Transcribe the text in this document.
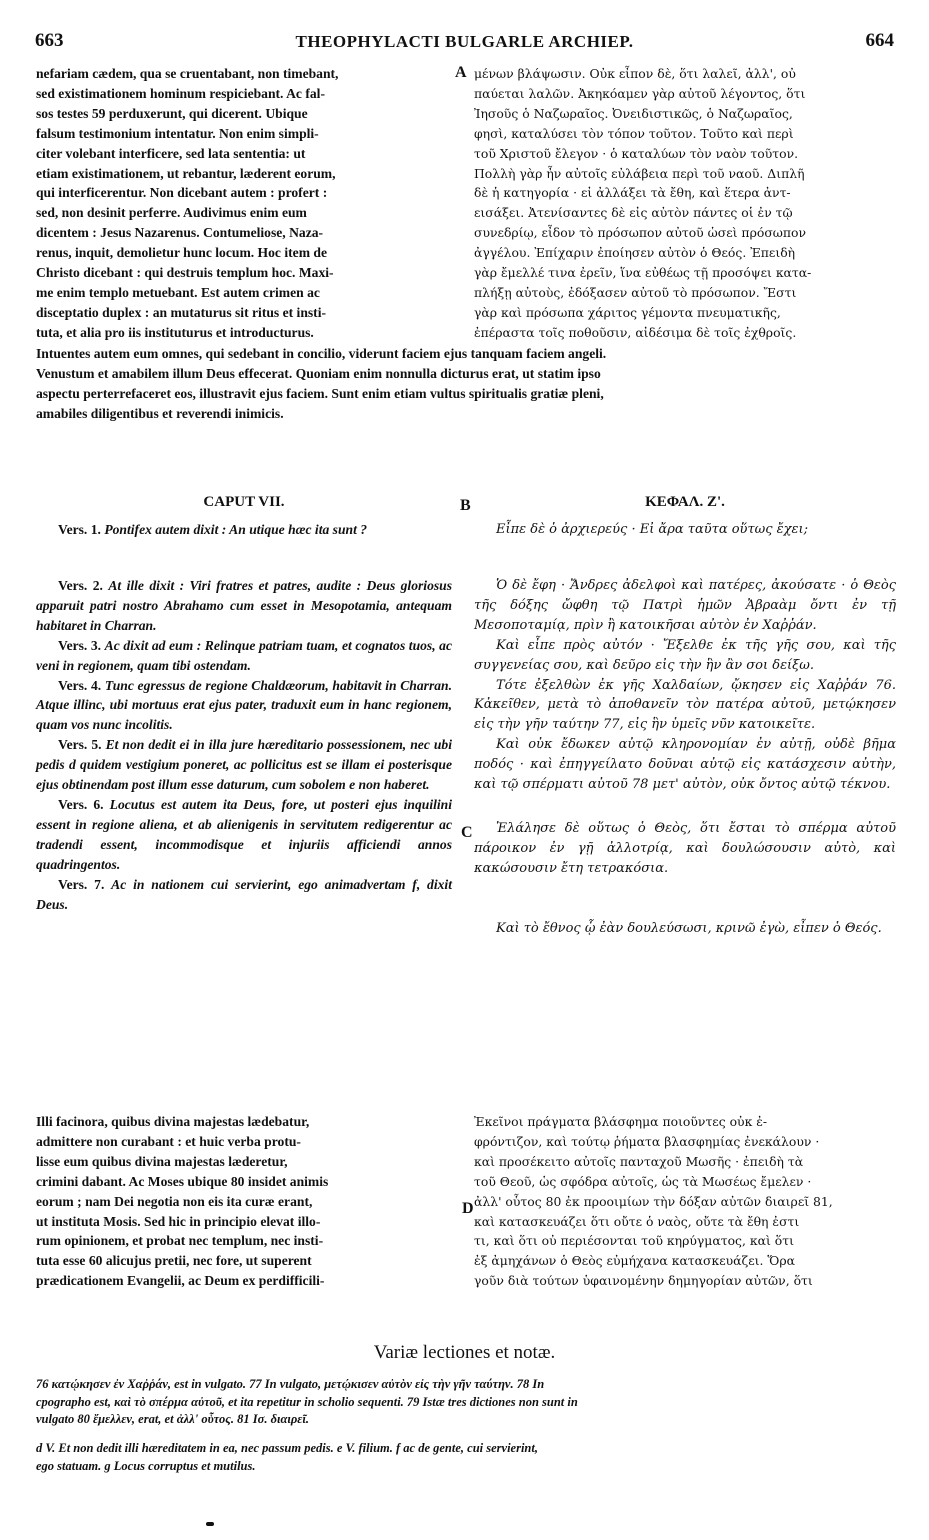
663	THEOPHYLACTI BULGARLE ARCHIEP.	664

nefariam cædem, qua se cruentabant, non timebant,

sed existimationem hominum respiciebant. Ac fal-

sos testes 59 perduxerunt, qui dicerent. Ubique

falsum testimonium intentatur. Non enim simpli-

citer volebant interficere, sed lata sententia: ut

etiam existimationem, ut rebantur, læderent eorum,

qui interficerentur. Non dicebant autem : profert :

sed, non desinit perferre. Audivimus enim eum

dicentem : Jesus Nazarenus. Contumeliose, Naza-

renus, inquit, demolietur hunc locum. Hoc item de

Christo dicebant : qui destruis templum hoc. Maxi-

me enim templo metuebant. Est autem crimen ac

disceptatio duplex : an mutaturus sit ritus et insti-

tuta, et alia pro iis instituturus et introducturus.

A μένων βλάψωσιν. Οὐκ εἶπον δὲ, ὅτι λαλεῖ, ἀλλ', οὐ

παύεται λαλῶν. Ἀκηκόαμεν γὰρ αὐτοῦ λέγοντος, ὅτι

Ἰησοῦς ὁ Ναζωραῖος. Ὀνειδιστικῶς, ὁ Ναζωραῖος,

φησὶ, καταλύσει τὸν τόπον τοῦτον. Τοῦτο καὶ περὶ

τοῦ Χριστοῦ ἔλεγον · ὁ καταλύων τὸν ναὸν τοῦτον.

Πολλὴ γὰρ ἦν αὐτοῖς εὐλάβεια περὶ τοῦ ναοῦ. Διπλῆ

δὲ ἡ κατηγορία · εἰ ἀλλάξει τὰ ἔθη, καὶ ἕτερα ἀντ-

εισάξει. Ἀτενίσαντες δὲ εἰς αὐτὸν πάντες οἱ ἐν τῷ

συνεδρίῳ, εἶδον τὸ πρόσωπον αὐτοῦ ὡσεὶ πρόσωπον

ἀγγέλου. Ἐπίχαριν ἐποίησεν αὐτὸν ὁ Θεός. Ἐπειδὴ

γὰρ ἔμελλέ τινα ἐρεῖν, ἵνα εὐθέως τῇ προσόψει κατα-

πλήξῃ αὐτοὺς, ἐδόξασεν αὐτοῦ τὸ πρόσωπον. Ἔστι

γὰρ καὶ πρόσωπα χάριτος γέμοντα πνευματικῆς,

ἐπέραστα τοῖς ποθοῦσιν, αἰδέσιμα δὲ τοῖς ἐχθροῖς.

Intuentes autem eum omnes, qui sedebant in concilio, viderunt faciem ejus tanquam faciem angeli.

Venustum et amabilem illum Deus effecerat. Quoniam enim nonnulla dicturus erat, ut statim ipso

aspectu perterrefaceret eos, illustravit ejus faciem. Sunt enim etiam vultus spiritualis gratiæ pleni,

amabiles diligentibus et reverendi inimicis.

CAPUT VII.	B	ΚΕΦΑΛ. Ζ'.

Vers. 1. Pontifex autem dixit : An utique hæc ita sunt ?

Vers. 2. At ille dixit : Viri fratres et patres, audite : Deus gloriosus apparuit patri nostro Abrahamo cum esset in Mesopotamia, antequam habitaret in Charran.

Vers. 3. Ac dixit ad eum : Relinque patriam tuam, et cognatos tuos, ac veni in regionem, quam tibi ostendam.

Vers. 4. Tunc egressus de regione Chaldæorum, habitavit in Charran. Atque illinc, ubi mortuus erat ejus pater, traduxit eum in hanc regionem, quam vos nunc incolitis.

Vers. 5. Et non dedit ei in illa jure hæreditario possessionem, nec ubi pedis d quidem vestigium poneret, ac pollicitus est se illam ei posterisque ejus obtinendam post illum esse daturum, cum sobolem e non haberet.

Vers. 6. Locutus est autem ita Deus, fore, ut posteri ejus inquilini essent in regione aliena, et ab alienigenis in servitutem redigerentur ac tradendi essent, incommodisque et injuriis afficiendi annos quadringentos.

Vers. 7. Ac in nationem cui servierint, ego animadvertam f, dixit Deus.

C

Εἶπε δὲ ὁ ἀρχιερεύς · Εἰ ἄρα ταῦτα οὕτως ἔχει;

Ὁ δὲ ἔφη · Ἄνδρες ἀδελφοὶ καὶ πατέρες, ἀκούσατε · ὁ Θεὸς τῆς δόξης ὤφθη τῷ Πατρὶ ἡμῶν Ἀβραὰμ ὄντι ἐν τῇ Μεσοποταμίᾳ, πρὶν ἢ κατοικῆσαι αὐτὸν ἐν Χαῤῥάν.

Καὶ εἶπε πρὸς αὐτόν · Ἔξελθε ἐκ τῆς γῆς σου, καὶ τῆς συγγενείας σου, καὶ δεῦρο εἰς τὴν ἣν ἂν σοι δείξω.

Τότε ἐξελθὼν ἐκ γῆς Χαλδαίων, ᾤκησεν εἰς Χαῤῥάν 76. Κἀκεῖθεν, μετὰ τὸ ἀποθανεῖν τὸν πατέρα αὐτοῦ, μετῴκησεν εἰς τὴν γῆν ταύτην 77, εἰς ἣν ὑμεῖς νῦν κατοικεῖτε.

Καὶ οὐκ ἔδωκεν αὐτῷ κληρονομίαν ἐν αὐτῇ, οὐδὲ βῆμα ποδός · καὶ ἐπηγγείλατο δοῦναι αὐτῷ εἰς κατάσχεσιν αὐτὴν, καὶ τῷ σπέρματι αὐτοῦ 78 μετ' αὐτὸν, οὐκ ὄντος αὐτῷ τέκνου.

Ἐλάλησε δὲ οὕτως ὁ Θεὸς, ὅτι ἔσται τὸ σπέρμα αὐτοῦ πάροικον ἐν γῇ ἀλλοτρίᾳ, καὶ δουλώσουσιν αὐτὸ, καὶ κακώσουσιν ἔτη τετρακόσια.

Καὶ τὸ ἔθνος ᾧ ἐὰν δουλεύσωσι, κρινῶ ἐγὼ, εἶπεν ὁ Θεός.

Illi facinora, quibus divina majestas lædebatur,

admittere non curabant : et huic verba protu-

lisse eum quibus divina majestas læderetur,

crimini dabant. Ac Moses ubique 80 insidet animis

eorum ; nam Dei negotia non eis ita curæ erant,

ut instituta Mosis. Sed hic in principio elevat illo-

rum opinionem, et probat nec templum, nec insti-

tuta esse 60 alicujus pretii, nec fore, ut superent

prædicationem Evangelii, ac Deum ex perdifficili-

D

Ἐκεῖνοι πράγματα βλάσφημα ποιοῦντες οὐκ ἐ-

φρόντιζον, καὶ τούτῳ ῥήματα βλασφημίας ἐνεκάλουν ·

καὶ προσέκειτο αὐτοῖς πανταχοῦ Μωσῆς · ἐπειδὴ τὰ

τοῦ Θεοῦ, ὡς σφόδρα αὐτοῖς, ὡς τὰ Μωσέως ἔμελεν ·

ἀλλ' οὗτος 80 ἐκ προοιμίων τὴν δόξαν αὐτῶν διαιρεῖ 81,

καὶ κατασκευάζει ὅτι οὔτε ὁ ναὸς, οὔτε τὰ ἔθη ἐστι

τι, καὶ ὅτι οὐ περιέσονται τοῦ κηρύγματος, καὶ ὅτι

ἐξ ἀμηχάνων ὁ Θεὸς εὐμήχανα κατασκευάζει. Ὅρα

γοῦν διὰ τούτων ὑφαινομένην δημηγορίαν αὐτῶν, ὅτι

Variæ lectiones et notæ.

76 κατῴκησεν ἐν Χαῤῥάν, est in vulgato. 77 In vulgato, μετῴκισεν αὐτὸν εἰς τὴν γῆν ταύτην. 78 In

cpographo est, καὶ τὸ σπέρμα αὐτοῦ, et ita repetitur in scholio sequenti. 79 Istæ tres dictiones non sunt in

vulgato 80 ἔμελλεν, erat, et ἀλλ' οὗτος. 81 Ισ. διαιρεῖ.

d V. Et non dedit illi hæreditatem in ea, nec passum pedis. e V. filium. f ac de gente, cui servierint,

ego statuam. g Locus corruptus et mutilus.
